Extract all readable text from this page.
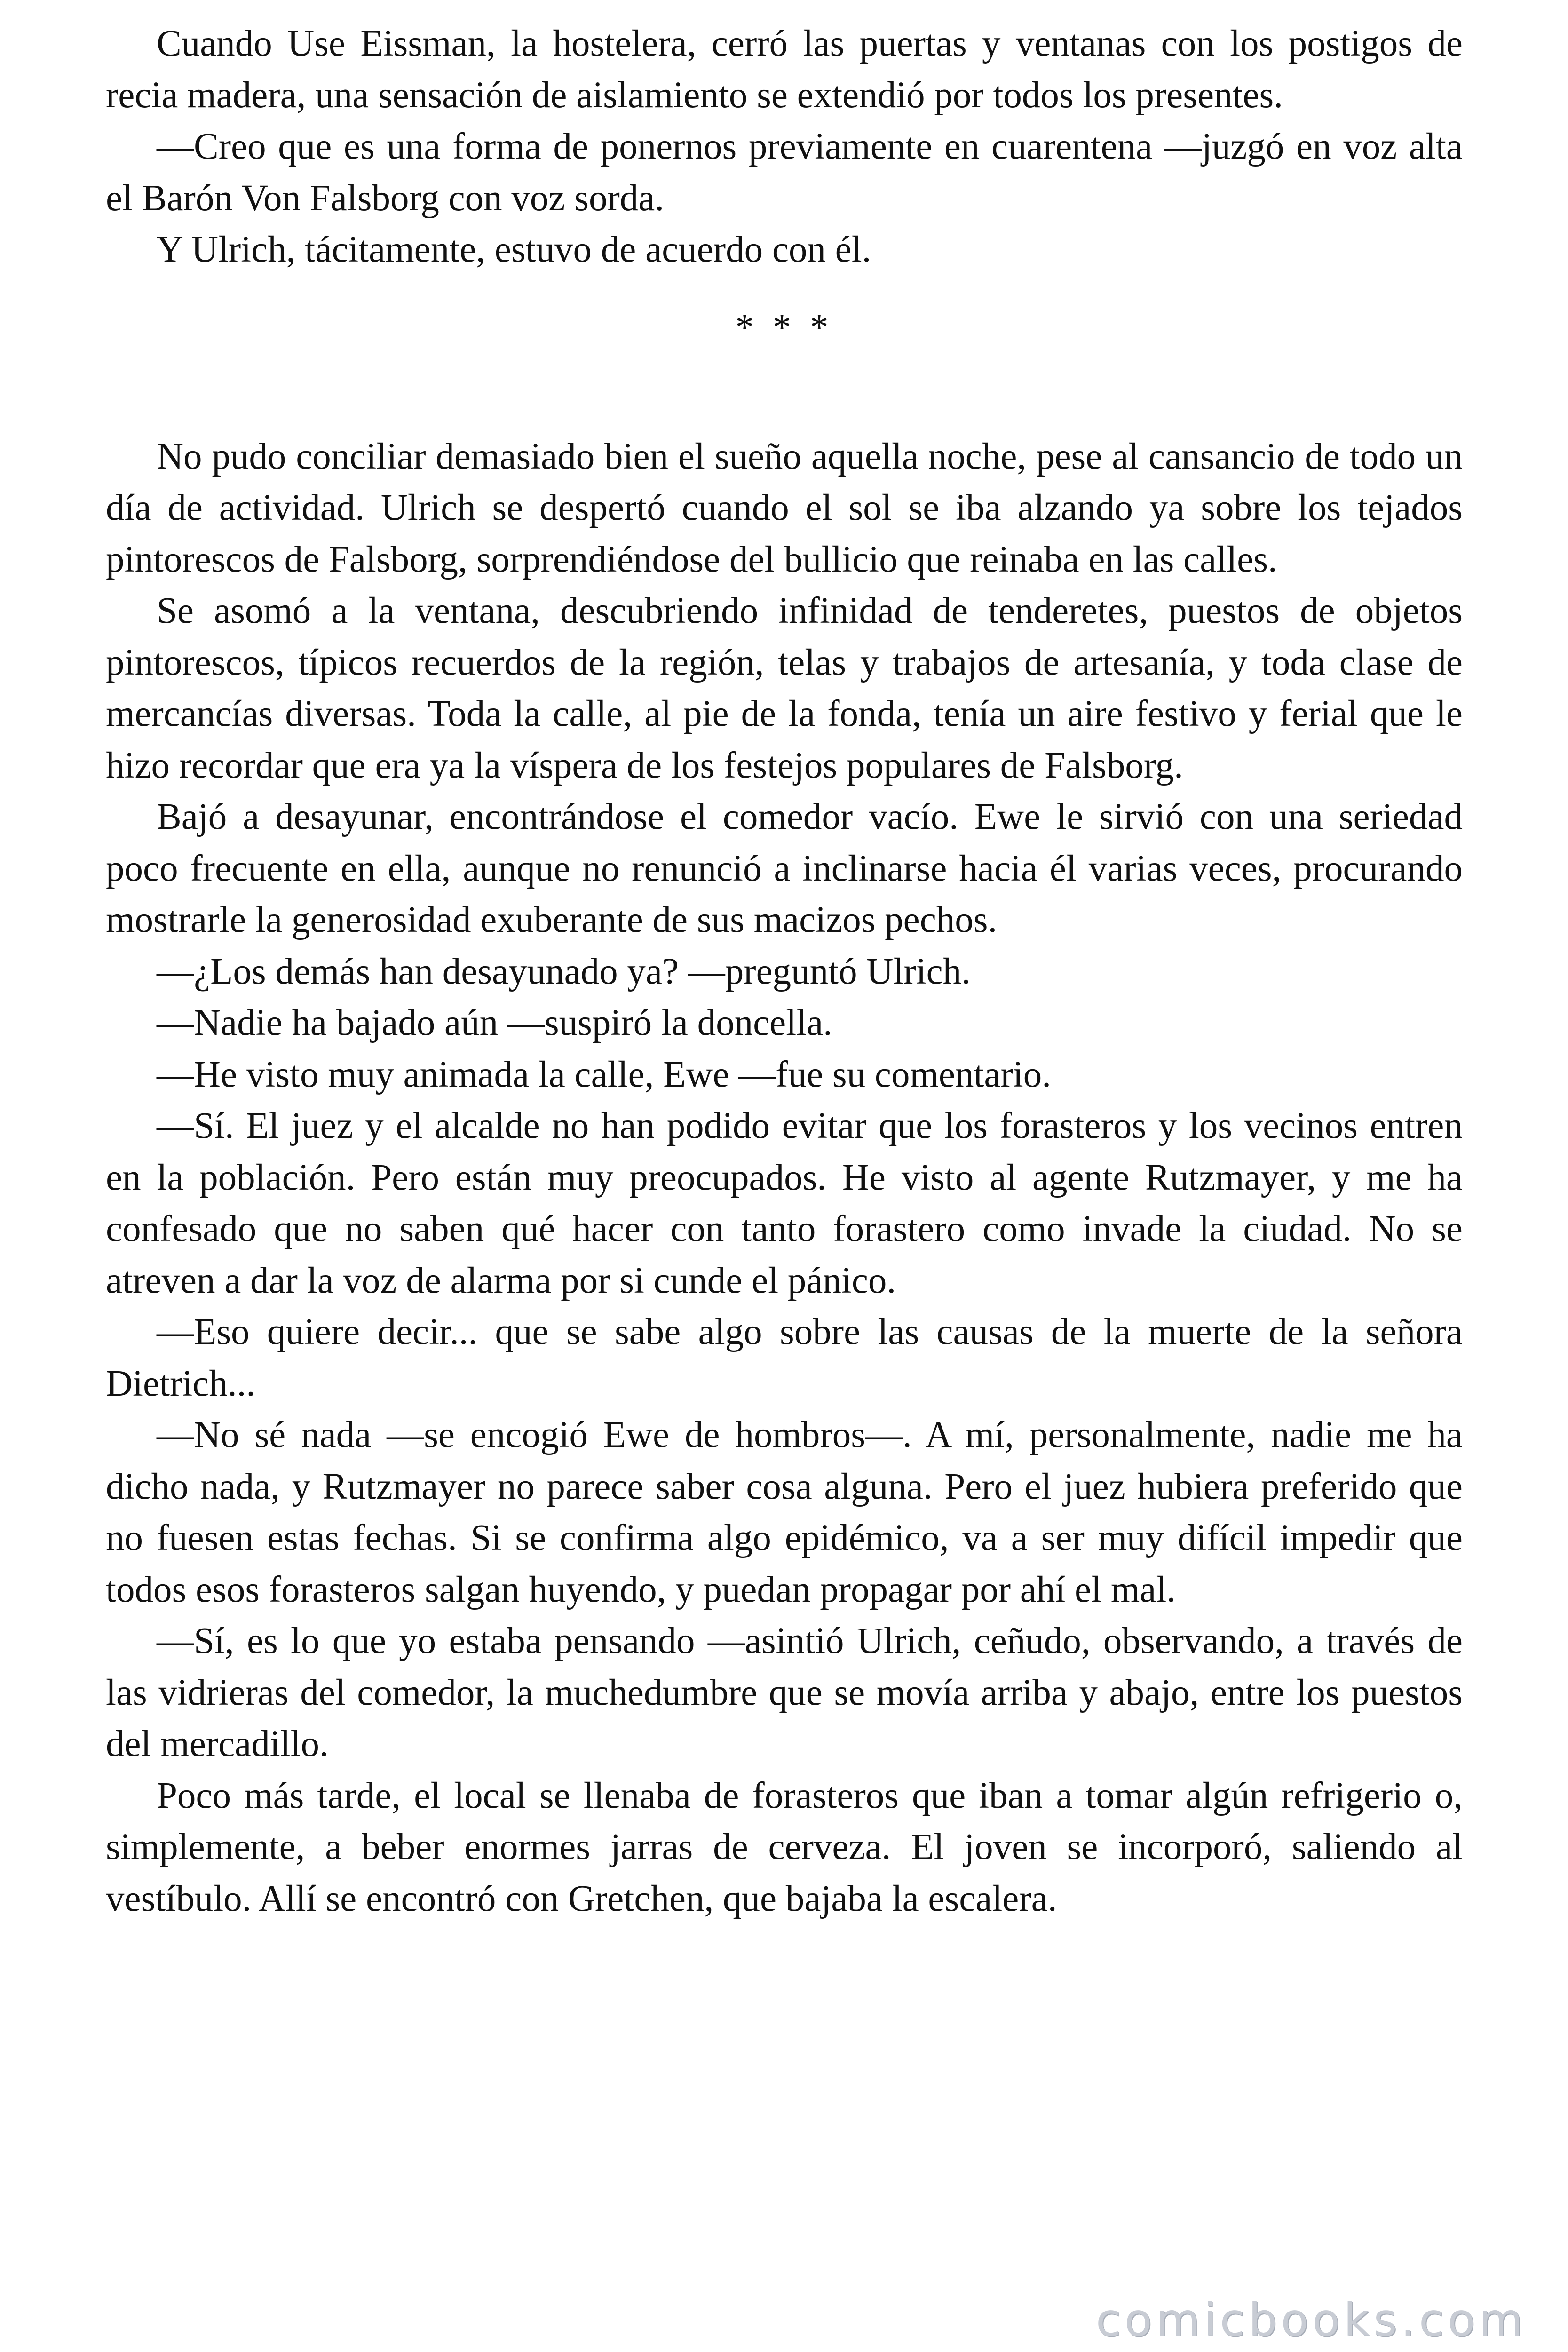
Cuando Use Eissman, la hostelera, cerró las puertas y ventanas con los postigos de recia madera, una sensación de aislamiento se extendió por todos los presentes.

—Creo que es una forma de ponernos previamente en cuarentena —juzgó en voz alta el Barón Von Falsborg con voz sorda.

Y Ulrich, tácitamente, estuvo de acuerdo con él.

* * *

No pudo conciliar demasiado bien el sueño aquella noche, pese al cansancio de todo un día de actividad. Ulrich se despertó cuando el sol se iba alzando ya sobre los tejados pintorescos de Falsborg, sorprendiéndose del bullicio que reinaba en las calles.

Se asomó a la ventana, descubriendo infinidad de tenderetes, puestos de objetos pintorescos, típicos recuerdos de la región, telas y trabajos de artesanía, y toda clase de mercancías diversas. Toda la calle, al pie de la fonda, tenía un aire festivo y ferial que le hizo recordar que era ya la víspera de los festejos populares de Falsborg.

Bajó a desayunar, encontrándose el comedor vacío. Ewe le sirvió con una seriedad poco frecuente en ella, aunque no renunció a inclinarse hacia él varias veces, procurando mostrarle la generosidad exuberante de sus macizos pechos.

—¿Los demás han desayunado ya? —preguntó Ulrich.

—Nadie ha bajado aún —suspiró la doncella.

—He visto muy animada la calle, Ewe —fue su comentario.

—Sí. El juez y el alcalde no han podido evitar que los forasteros y los vecinos entren en la población. Pero están muy preocupados. He visto al agente Rutzmayer, y me ha confesado que no saben qué hacer con tanto forastero como invade la ciudad. No se atreven a dar la voz de alarma por si cunde el pánico.

—Eso quiere decir... que se sabe algo sobre las causas de la muerte de la señora Dietrich...

—No sé nada —se encogió Ewe de hombros—. A mí, personalmente, nadie me ha dicho nada, y Rutzmayer no parece saber cosa alguna. Pero el juez hubiera preferido que no fuesen estas fechas. Si se confirma algo epidémico, va a ser muy difícil impedir que todos esos forasteros salgan huyendo, y puedan propagar por ahí el mal.

—Sí, es lo que yo estaba pensando —asintió Ulrich, ceñudo, observando, a través de las vidrieras del comedor, la muchedumbre que se movía arriba y abajo, entre los puestos del mercadillo.

Poco más tarde, el local se llenaba de forasteros que iban a tomar algún refrigerio o, simplemente, a beber enormes jarras de cerveza. El joven se incorporó, saliendo al vestíbulo. Allí se encontró con Gretchen, que bajaba la escalera.

comicbooks.com
